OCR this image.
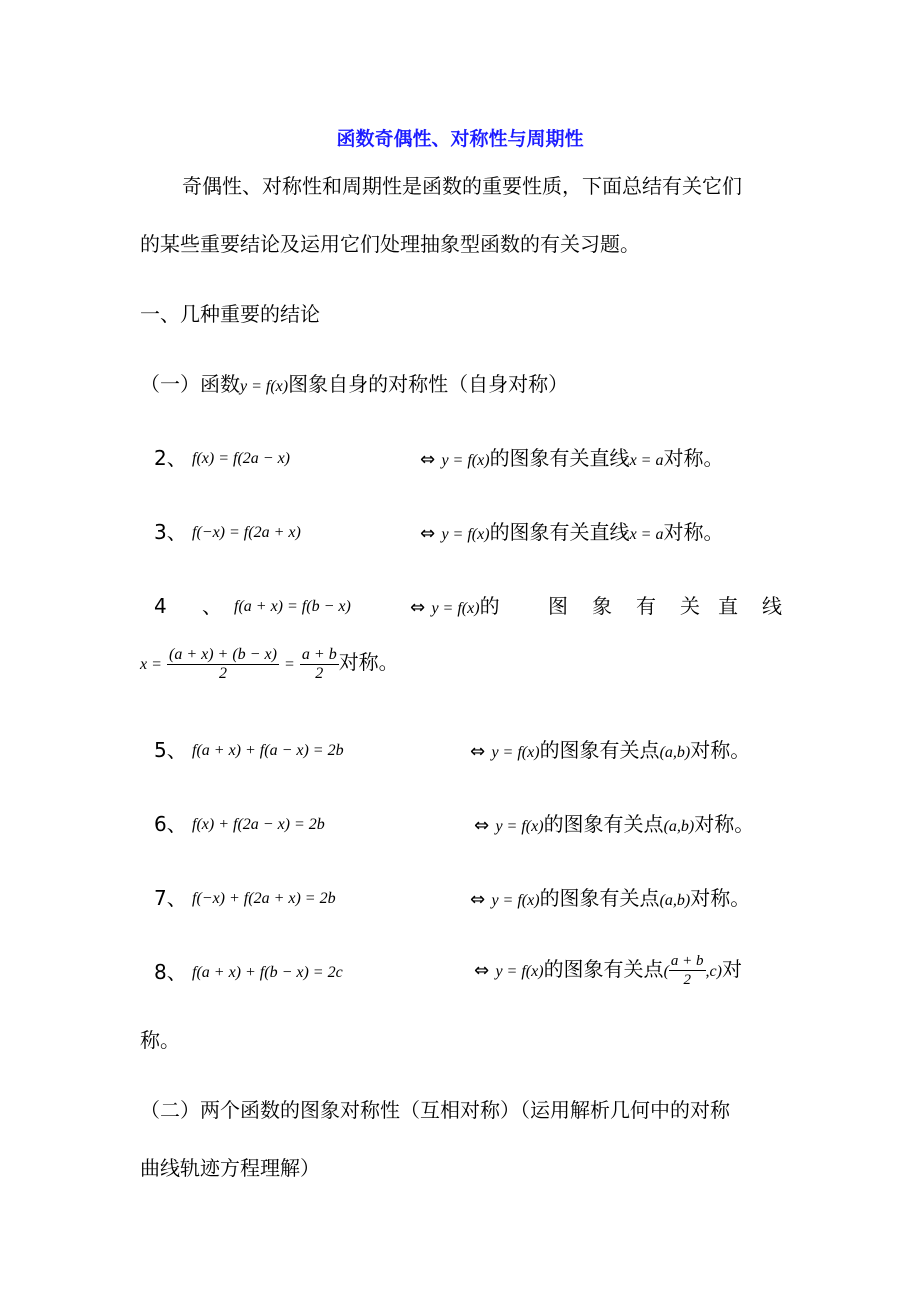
函数奇偶性、对称性与周期性
奇偶性、对称性和周期性是函数的重要性质，下面总结有关它们
的某些重要结论及运用它们处理抽象型函数的有关习题。
一、几种重要的结论
（一）函数y = f(x)图象自身的对称性（自身对称）
2、 f(x) = f(2a − x)	⇔ y = f(x)的图象有关直线x = a对称。
3、 f(−x) = f(2a + x)	⇔ y = f(x)的图象有关直线x = a对称。
4 、 f(a + x) = f(b − x)	⇔ y = f(x)的 图 象 有 关 直 线
$x = \frac{(a + x) + (b - x)}{2} = \frac{a + b}{2}$ 对称。
5、 f(a + x) + f(a − x) = 2b	⇔ y = f(x)的图象有关点(a,b)对称。
6、 f(x) + f(2a − x) = 2b	⇔ y = f(x)的图象有关点(a,b)对称。
7、 f(−x) + f(2a + x) = 2b	⇔ y = f(x)的图象有关点(a,b)对称。
8、 f(a + x) + f(b − x) = 2c	⇔ y = f(x)的图象有关点( $\frac{a + b}{2} ,c$)对
称。
（二）两个函数的图象对称性（互相对称）（运用解析几何中的对称
曲线轨迹方程理解）
